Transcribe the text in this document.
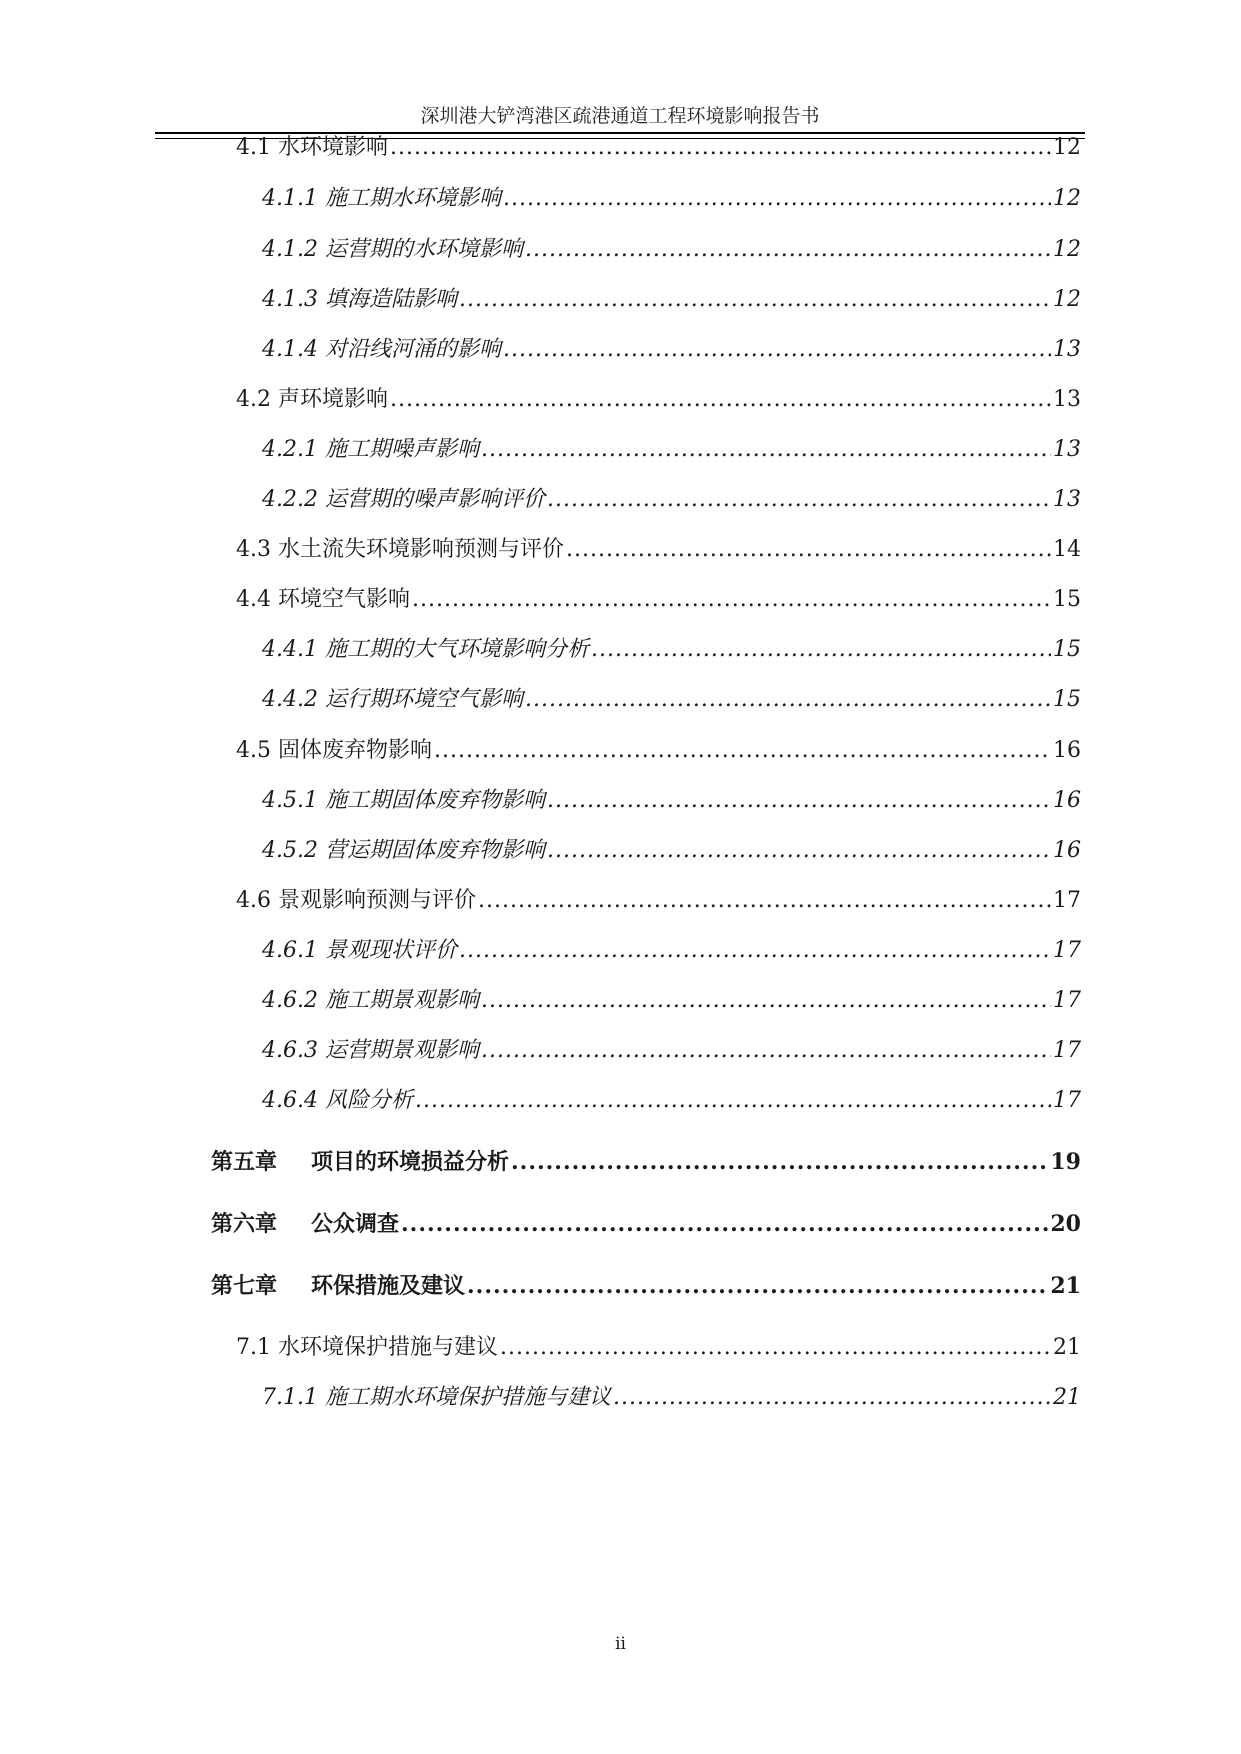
深圳港大铲湾港区疏港通道工程环境影响报告书
4.1 水环境影响 .....	12
4.1.1 施工期水环境影响 .....	12
4.1.2 运营期的水环境影响 .....	12
4.1.3 填海造陆影响 .....	12
4.1.4 对沿线河涌的影响 .....	13
4.2 声环境影响 .....	13
4.2.1 施工期噪声影响 .....	13
4.2.2 运营期的噪声影响评价 .....	13
4.3 水土流失环境影响预测与评价 .....	14
4.4 环境空气影响 .....	15
4.4.1 施工期的大气环境影响分析 .....	15
4.4.2 运行期环境空气影响 .....	15
4.5 固体废弃物影响 .....	16
4.5.1 施工期固体废弃物影响 .....	16
4.5.2 营运期固体废弃物影响 .....	16
4.6 景观影响预测与评价 .....	17
4.6.1 景观现状评价 .....	17
4.6.2 施工期景观影响 .....	17
4.6.3 运营期景观影响 .....	17
4.6.4 风险分析 .....	17
第五章 项目的环境损益分析 .....	19
第六章 公众调查 .....	20
第七章 环保措施及建议 .....	21
7.1 水环境保护措施与建议 .....	21
7.1.1 施工期水环境保护措施与建议 .....	21
ii
